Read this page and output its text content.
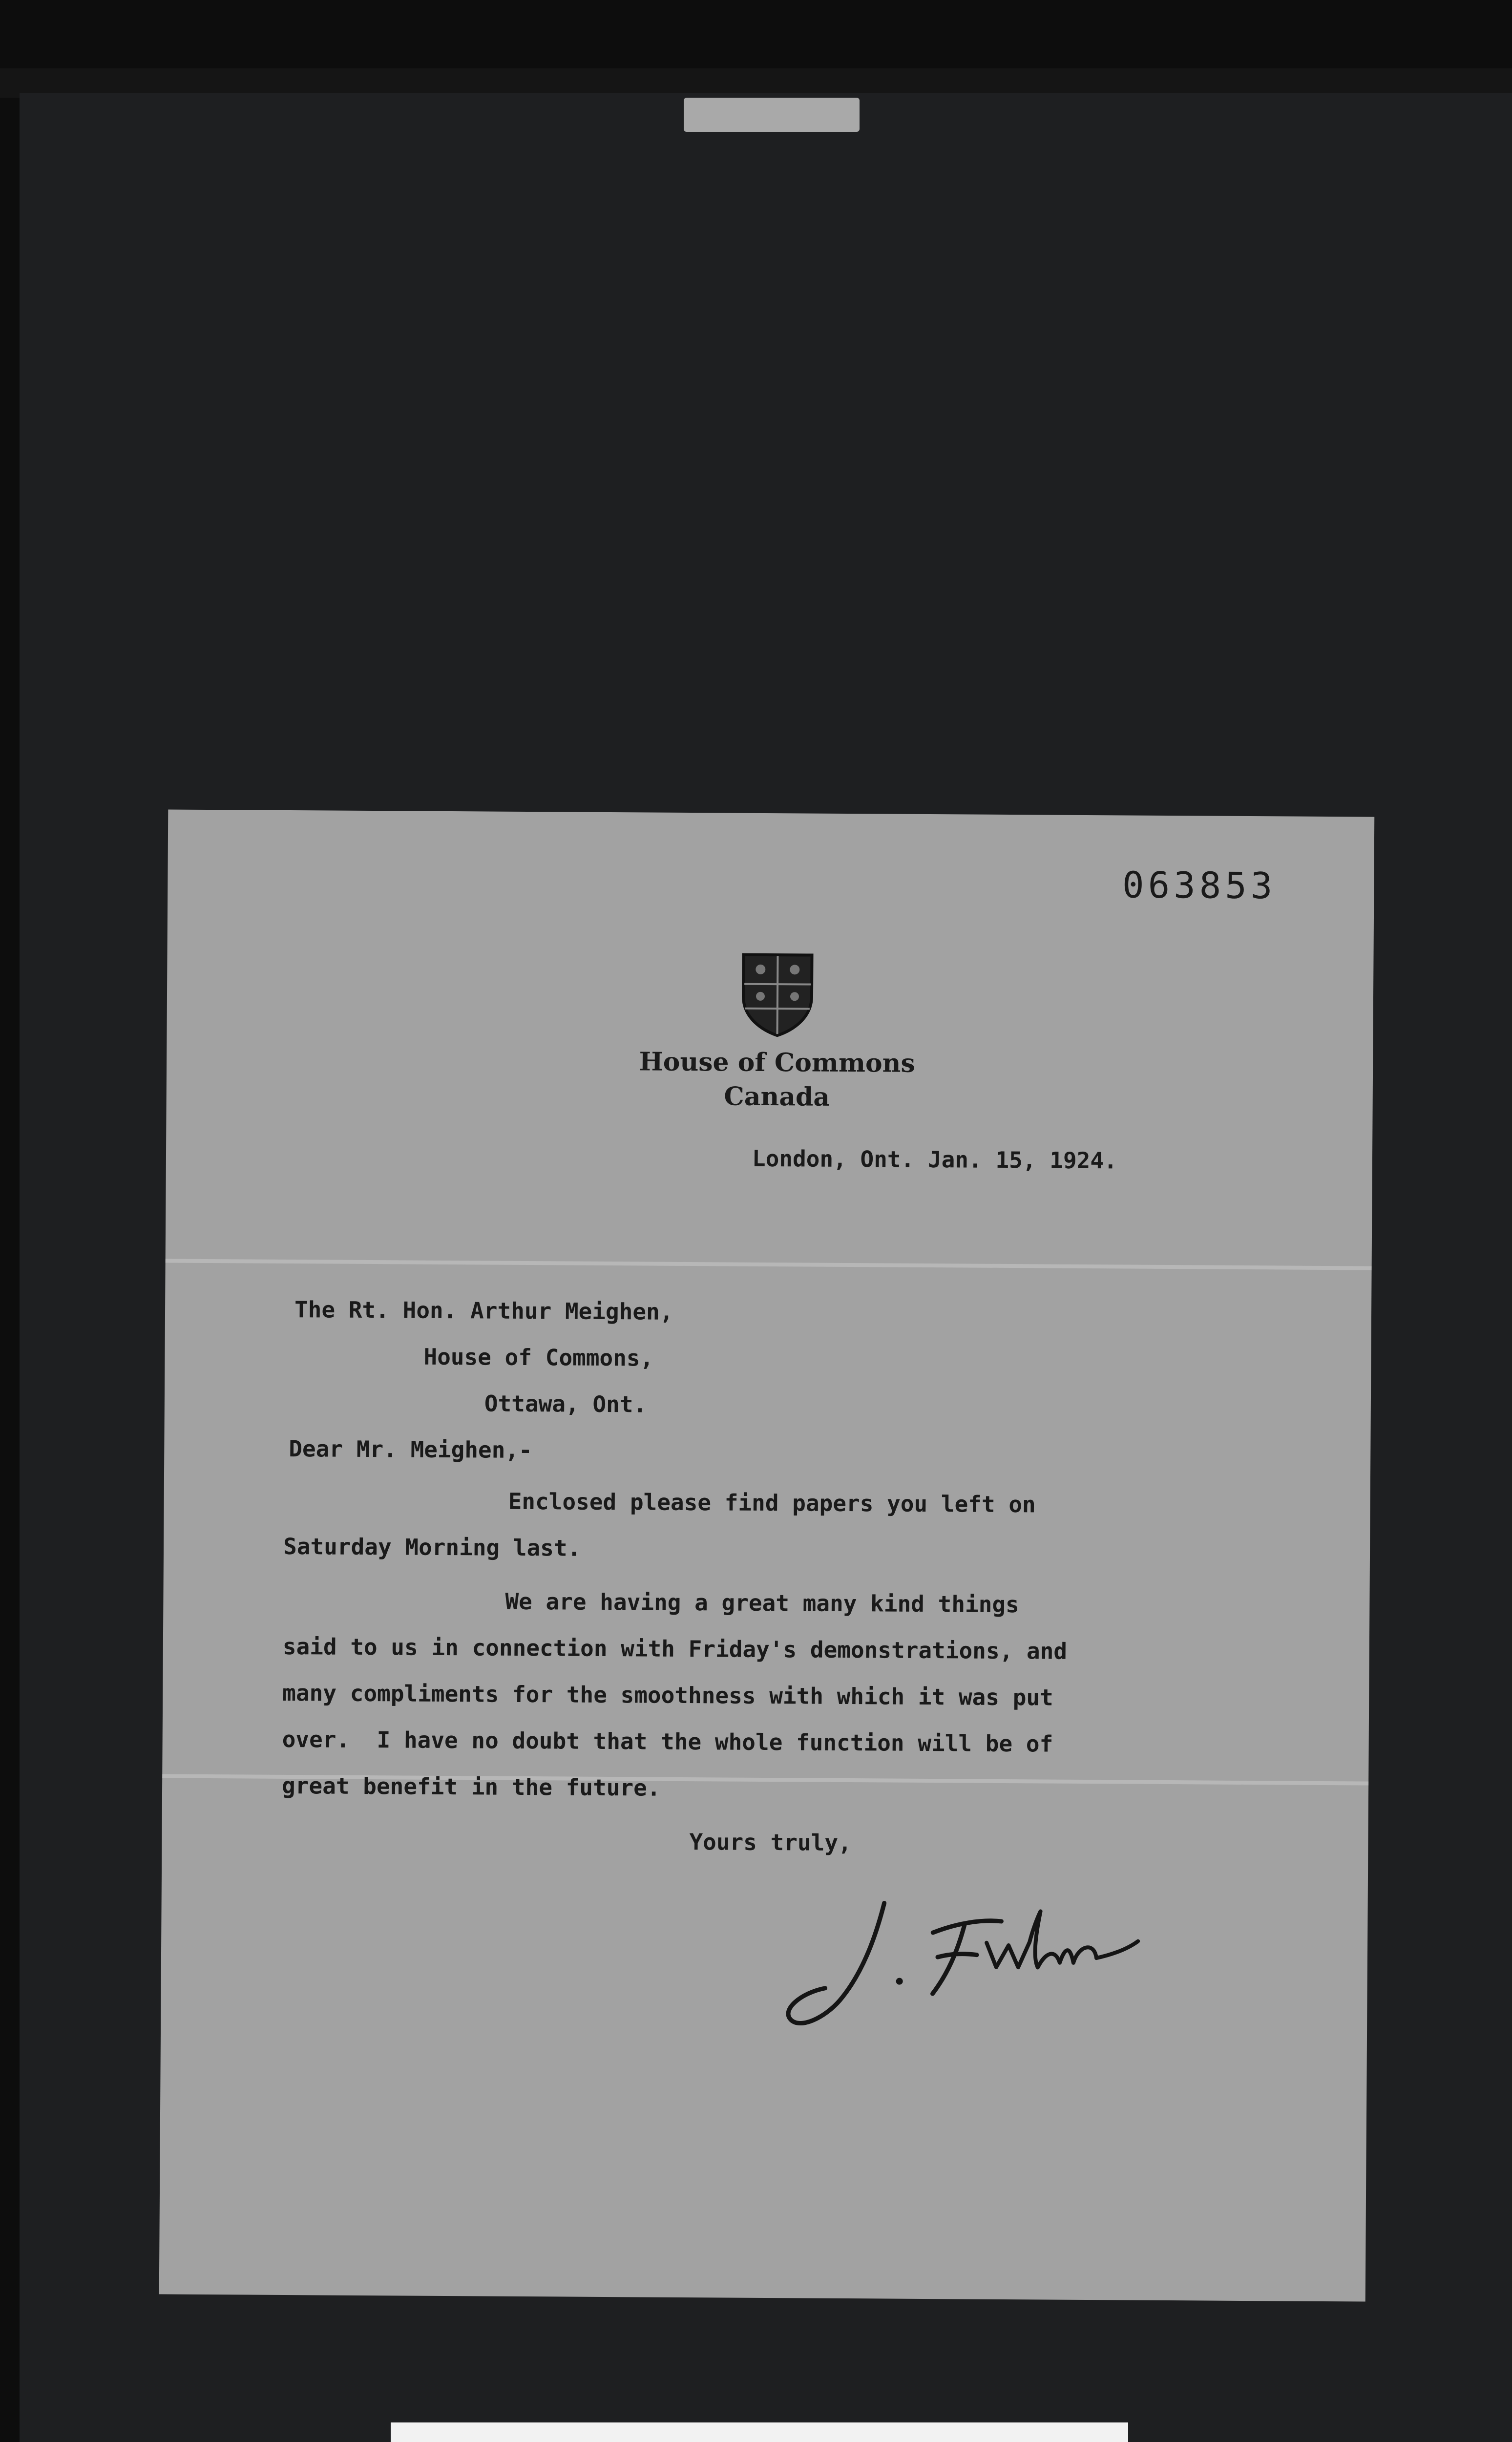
063853
House of Commons
Canada
London, Ont. Jan. 15, 1924.
The Rt. Hon. Arthur Meighen,
House of Commons,
Ottawa, Ont.
Dear Mr. Meighen,-
Enclosed please find papers you left on
Saturday Morning last.
We are having a great many kind things
said to us in connection with Friday's demonstrations, and
many compliments for the smoothness with which it was put
over.  I have no doubt that the whole function will be of
great benefit in the future.
Yours truly,
